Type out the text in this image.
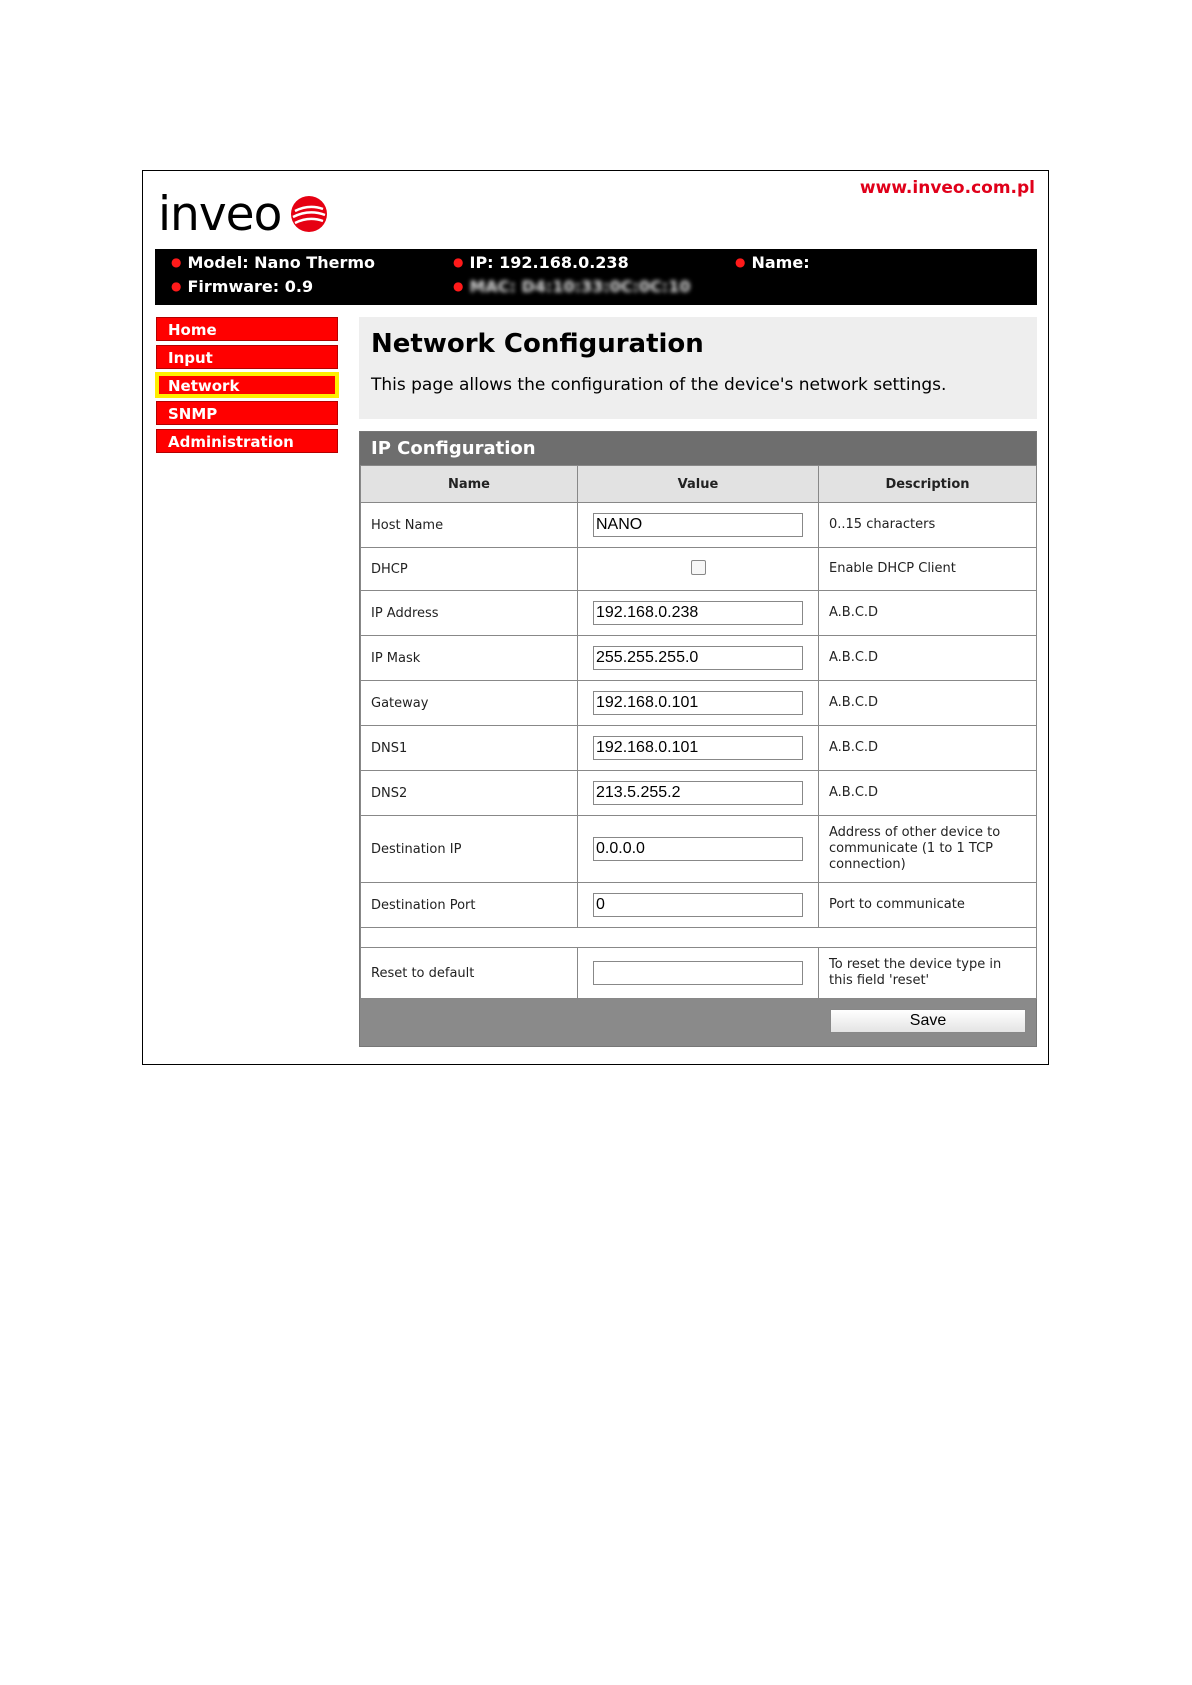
inveo	www.inveo.com.pl
● Model: Nano Thermo
● Firmware: 0.9
● IP: 192.168.0.238
● MAC: D4:10:33:0C:0C:10
● Name:
Home
Input
Network
SNMP
Administration
Network Configuration

This page allows the configuration of the device's network settings.

IP Configuration
Name	Value	Description
Host Name	NANO	0..15 characters
DHCP		Enable DHCP Client
IP Address	192.168.0.238	A.B.C.D
IP Mask	255.255.255.0	A.B.C.D
Gateway	192.168.0.101	A.B.C.D
DNS1	192.168.0.101	A.B.C.D
DNS2	213.5.255.2	A.B.C.D
Destination IP	0.0.0.0	Address of other device to communicate (1 to 1 TCP connection)
Destination Port	0	Port to communicate

Reset to default		To reset the device type in this field 'reset'
Save
